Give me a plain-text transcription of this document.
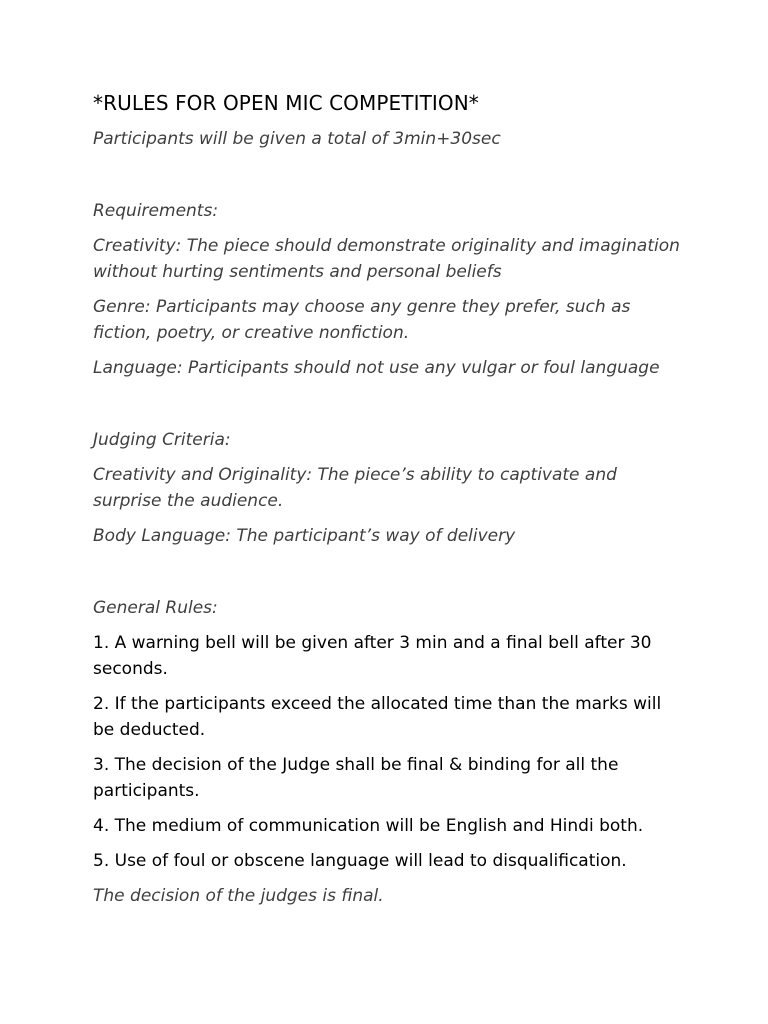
*RULES FOR OPEN MIC COMPETITION*

Participants will be given a total of 3min+30sec

Requirements:

Creativity: The piece should demonstrate originality and imagination without hurting sentiments and personal beliefs

Genre: Participants may choose any genre they prefer, such as fiction, poetry, or creative nonfiction.

Language: Participants should not use any vulgar or foul language

Judging Criteria:

Creativity and Originality: The piece’s ability to captivate and surprise the audience.

Body Language: The participant’s way of delivery

General Rules:

1. A warning bell will be given after 3 min and a final bell after 30 seconds.

2. If the participants exceed the allocated time than the marks will be deducted.

3. The decision of the Judge shall be final & binding for all the participants.

4. The medium of communication will be English and Hindi both.

5. Use of foul or obscene language will lead to disqualification.

The decision of the judges is final.
